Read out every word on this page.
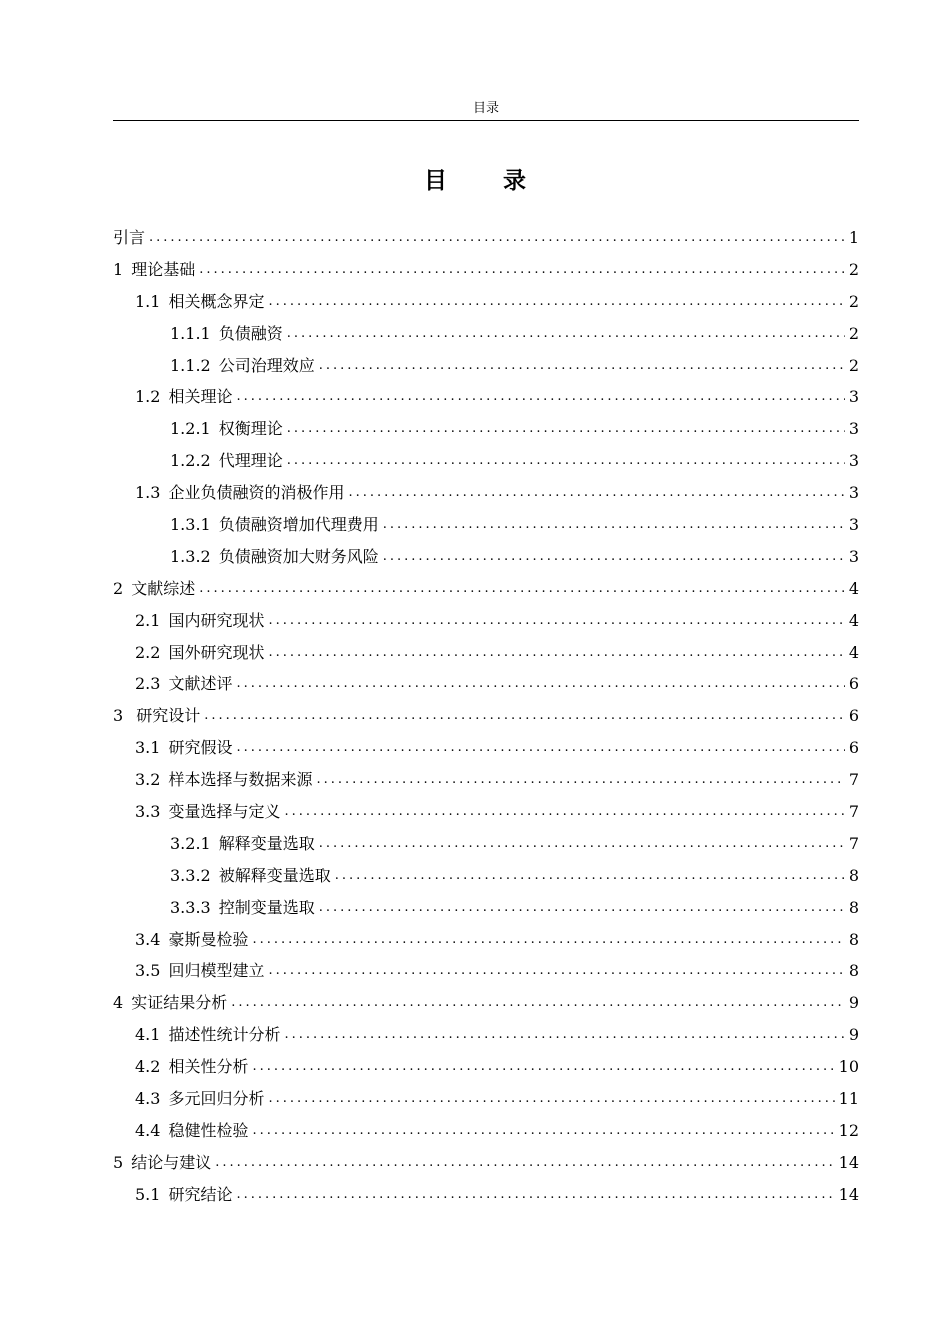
目录
目 录
引言 .....	1
1 理论基础 .....	2
1.1 相关概念界定 .....	2
1.1.1 负债融资 .....	2
1.1.2 公司治理效应 .....	2
1.2 相关理论 .....	3
1.2.1 权衡理论 .....	3
1.2.2 代理理论 .....	3
1.3 企业负债融资的消极作用 .....	3
1.3.1 负债融资增加代理费用 .....	3
1.3.2 负债融资加大财务风险 .....	3
2 文献综述 .....	4
2.1 国内研究现状 .....	4
2.2 国外研究现状 .....	4
2.3 文献述评 .....	6
3 研究设计 .....	6
3.1 研究假设 .....	6
3.2 样本选择与数据来源 .....	7
3.3 变量选择与定义 .....	7
3.2.1 解释变量选取 .....	7
3.3.2 被解释变量选取 .....	8
3.3.3 控制变量选取 .....	8
3.4 豪斯曼检验 .....	8
3.5 回归模型建立 .....	8
4 实证结果分析 .....	9
4.1 描述性统计分析 .....	9
4.2 相关性分析 .....	10
4.3 多元回归分析 .....	11
4.4 稳健性检验 .....	12
5 结论与建议 .....	14
5.1 研究结论 .....	14
